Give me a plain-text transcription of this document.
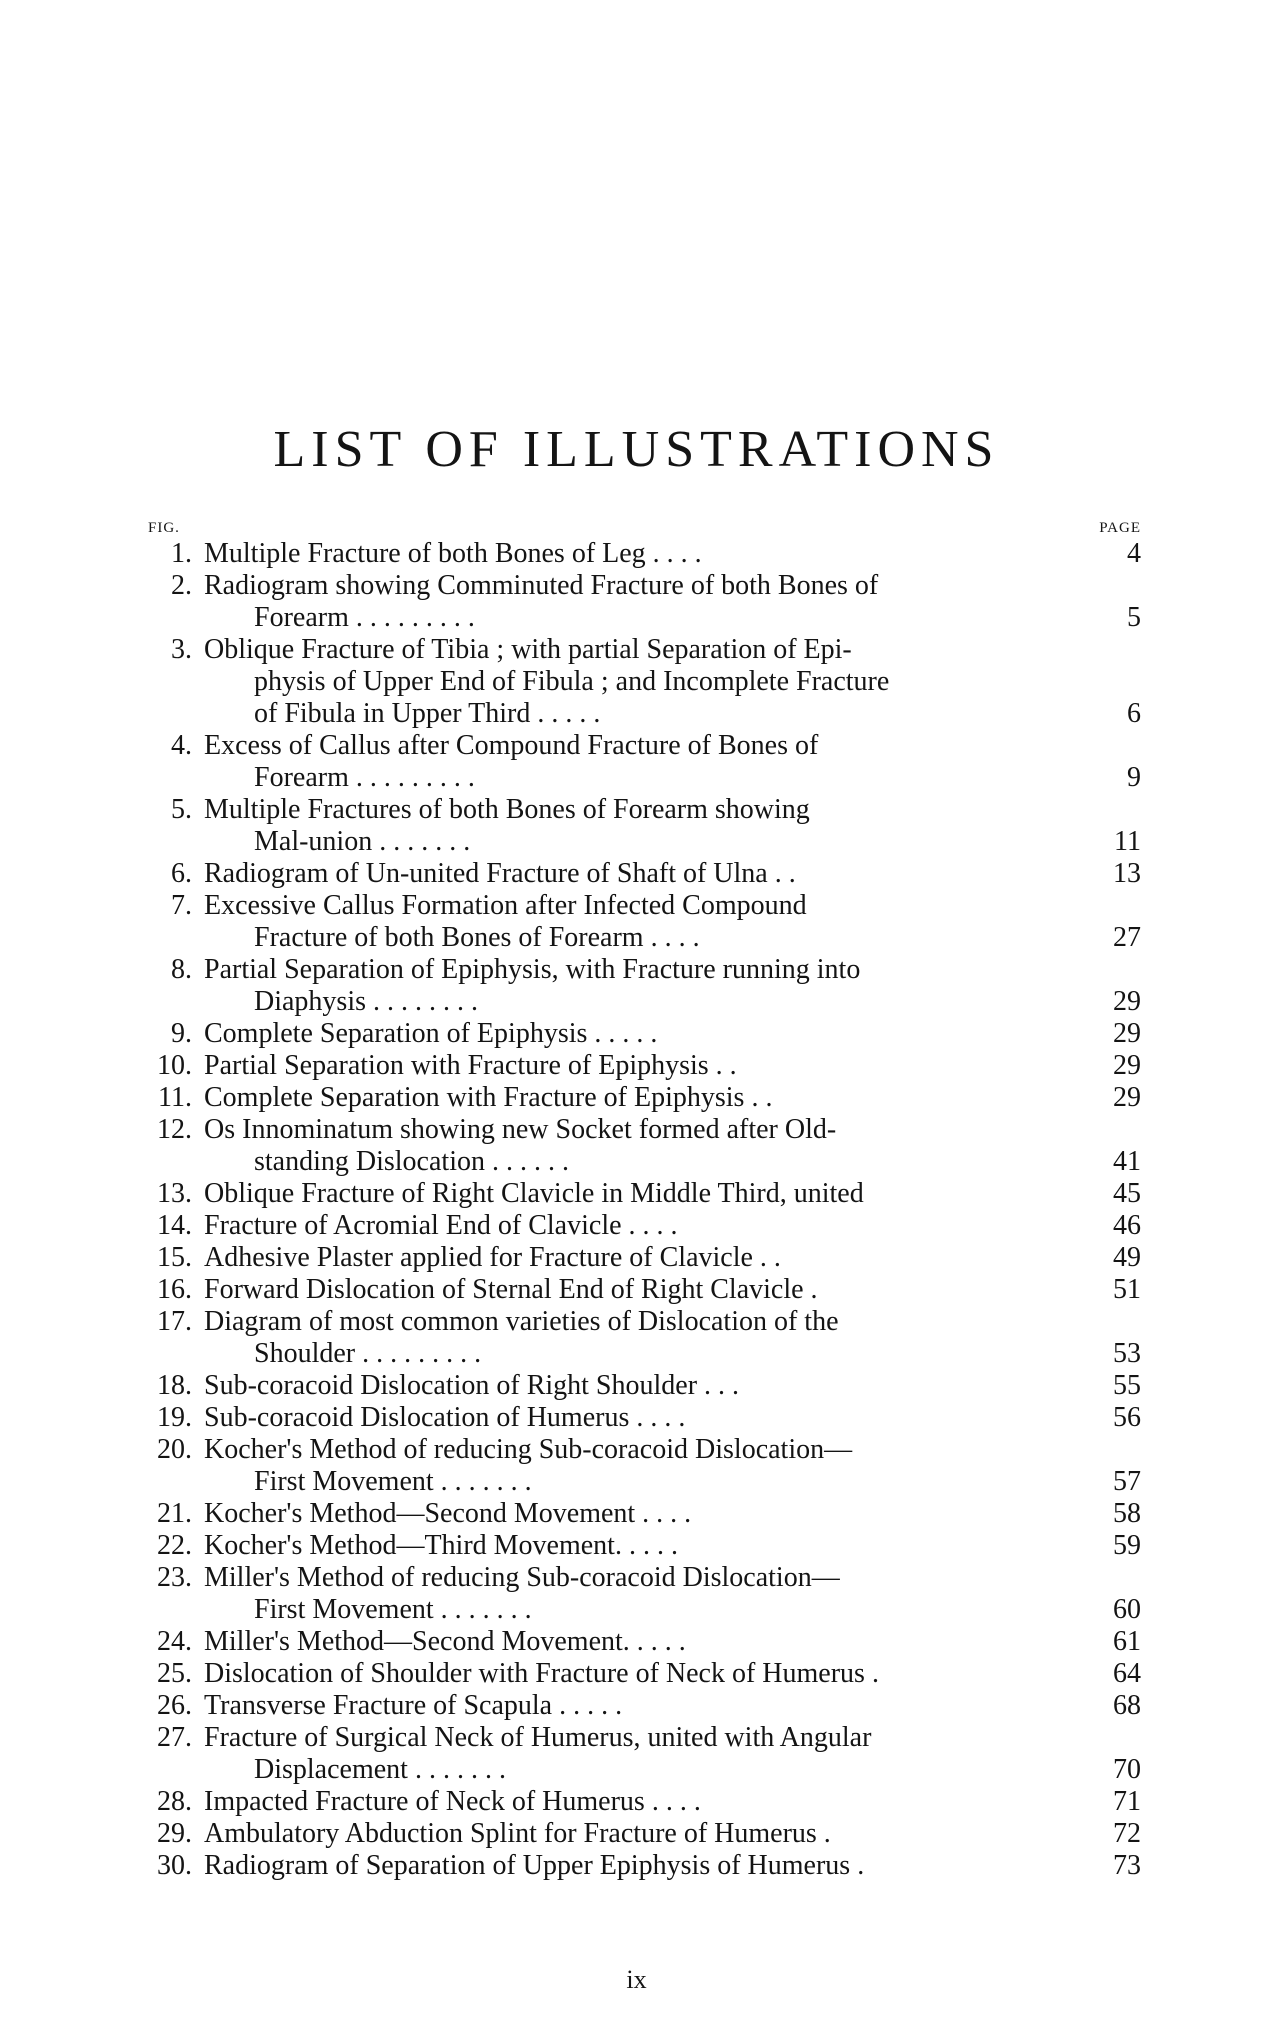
LIST OF ILLUSTRATIONS
FIG.	PAGE
1. Multiple Fracture of both Bones of Leg . . . .	4
2. Radiogram showing Comminuted Fracture of both Bones of
Forearm . . . . . . . . .	5
3. Oblique Fracture of Tibia ; with partial Separation of Epi-
physis of Upper End of Fibula ; and Incomplete Fracture
of Fibula in Upper Third . . . . .	6
4. Excess of Callus after Compound Fracture of Bones of
Forearm . . . . . . . . .	9
5. Multiple Fractures of both Bones of Forearm showing
Mal-union . . . . . . .	11
6. Radiogram of Un-united Fracture of Shaft of Ulna . .	13
7. Excessive Callus Formation after Infected Compound
Fracture of both Bones of Forearm . . . .	27
8. Partial Separation of Epiphysis, with Fracture running into
Diaphysis . . . . . . . .	29
9. Complete Separation of Epiphysis . . . . .	29
10. Partial Separation with Fracture of Epiphysis . .	29
11. Complete Separation with Fracture of Epiphysis . .	29
12. Os Innominatum showing new Socket formed after Old-
standing Dislocation . . . . . .	41
13. Oblique Fracture of Right Clavicle in Middle Third, united	45
14. Fracture of Acromial End of Clavicle . . . .	46
15. Adhesive Plaster applied for Fracture of Clavicle . .	49
16. Forward Dislocation of Sternal End of Right Clavicle .	51
17. Diagram of most common varieties of Dislocation of the
Shoulder . . . . . . . . .	53
18. Sub-coracoid Dislocation of Right Shoulder . . .	55
19. Sub-coracoid Dislocation of Humerus . . . .	56
20. Kocher's Method of reducing Sub-coracoid Dislocation—
First Movement . . . . . . .	57
21. Kocher's Method—Second Movement . . . .	58
22. Kocher's Method—Third Movement. . . . .	59
23. Miller's Method of reducing Sub-coracoid Dislocation—
First Movement . . . . . . .	60
24. Miller's Method—Second Movement. . . . .	61
25. Dislocation of Shoulder with Fracture of Neck of Humerus .	64
26. Transverse Fracture of Scapula . . . . .	68
27. Fracture of Surgical Neck of Humerus, united with Angular
Displacement . . . . . . .	70
28. Impacted Fracture of Neck of Humerus . . . .	71
29. Ambulatory Abduction Splint for Fracture of Humerus .	72
30. Radiogram of Separation of Upper Epiphysis of Humerus .	73
ix
